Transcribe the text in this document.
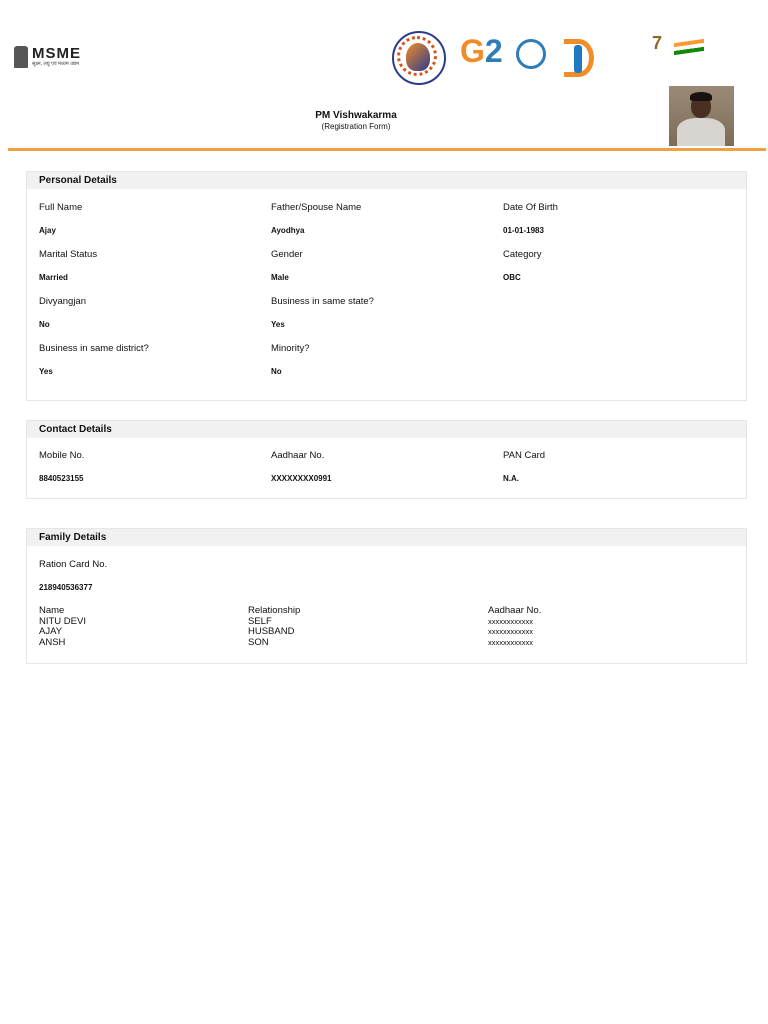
MSME
सूक्ष्म, लघु एवं मध्यम उद्यम	G2	7
PM Vishwakarma
(Registration Form)
Personal Details
Full Name
Ajay
Father/Spouse Name
Ayodhya
Date Of Birth
01-01-1983
Marital Status
Married
Gender
Male
Category
OBC
Divyangjan
No
Business in same state?
Yes
Business in same district?
Yes
Minority?
No
Contact Details
Mobile No.
8840523155
Aadhaar No.
XXXXXXXX0991
PAN Card
N.A.
Family Details
Ration Card No.
218940536377
Name
NITU DEVI
AJAY
ANSH
Relationship
SELF
HUSBAND
SON
Aadhaar No.
xxxxxxxxxxxx
xxxxxxxxxxxx
xxxxxxxxxxxx
